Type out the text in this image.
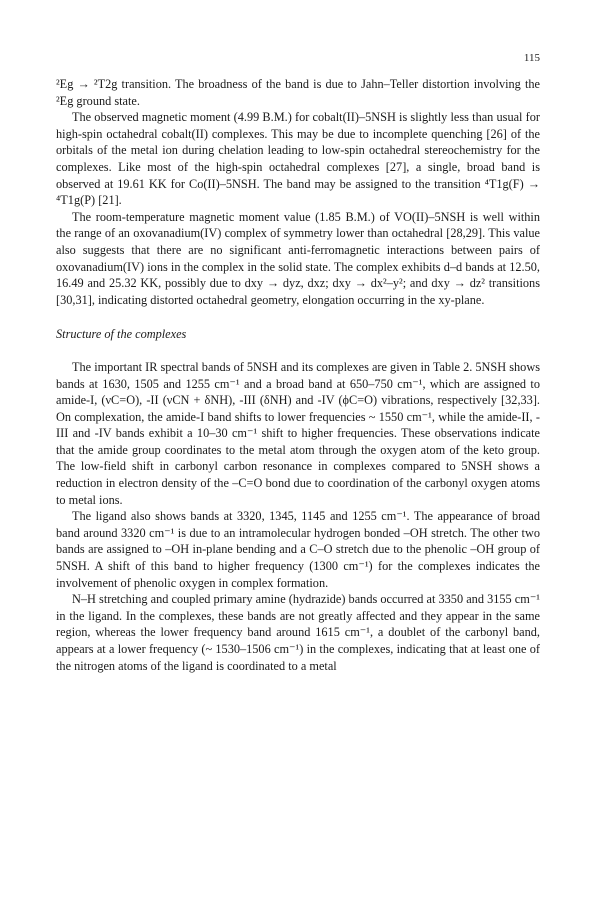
115

²Eg → ²T2g transition. The broadness of the band is due to Jahn–Teller distortion involving the ²Eg ground state.

The observed magnetic moment (4.99 B.M.) for cobalt(II)–5NSH is slightly less than usual for high-spin octahedral cobalt(II) complexes. This may be due to incomplete quenching [26] of the orbitals of the metal ion during chelation leading to low-spin octahedral stereochemistry for the complexes. Like most of the high-spin octahedral complexes [27], a single, broad band is observed at 19.61 KK for Co(II)–5NSH. The band may be assigned to the transition ⁴T1g(F) → ⁴T1g(P) [21].

The room-temperature magnetic moment value (1.85 B.M.) of VO(II)–5NSH is well within the range of an oxovanadium(IV) complex of symmetry lower than octahedral [28,29]. This value also suggests that there are no significant anti-ferromagnetic interactions between pairs of oxovanadium(IV) ions in the complex in the solid state. The complex exhibits d–d bands at 12.50, 16.49 and 25.32 KK, possibly due to dxy → dyz, dxz; dxy → dx²–y²; and dxy → dz² transitions [30,31], indicating distorted octahedral geometry, elongation occurring in the xy-plane.

Structure of the complexes

The important IR spectral bands of 5NSH and its complexes are given in Table 2. 5NSH shows bands at 1630, 1505 and 1255 cm⁻¹ and a broad band at 650–750 cm⁻¹, which are assigned to amide-I, (νC=O), -II (νCN + δNH), -III (δNH) and -IV (ϕC=O) vibrations, respectively [32,33]. On complexation, the amide-I band shifts to lower frequencies ~ 1550 cm⁻¹, while the amide-II, -III and -IV bands exhibit a 10–30 cm⁻¹ shift to higher frequencies. These observations indicate that the amide group coordinates to the metal atom through the oxygen atom of the keto group. The low-field shift in carbonyl carbon resonance in complexes compared to 5NSH shows a reduction in electron density of the –C=O bond due to coordination of the carbonyl oxygen atoms to metal ions.

The ligand also shows bands at 3320, 1345, 1145 and 1255 cm⁻¹. The appearance of broad band around 3320 cm⁻¹ is due to an intramolecular hydrogen bonded –OH stretch. The other two bands are assigned to –OH in-plane bending and a C–O stretch due to the phenolic –OH group of 5NSH. A shift of this band to higher frequency (1300 cm⁻¹) for the complexes indicates the involvement of phenolic oxygen in complex formation.

N–H stretching and coupled primary amine (hydrazide) bands occurred at 3350 and 3155 cm⁻¹ in the ligand. In the complexes, these bands are not greatly affected and they appear in the same region, whereas the lower frequency band around 1615 cm⁻¹, a doublet of the carbonyl band, appears at a lower frequency (~ 1530–1506 cm⁻¹) in the complexes, indicating that at least one of the nitrogen atoms of the ligand is coordinated to a metal
